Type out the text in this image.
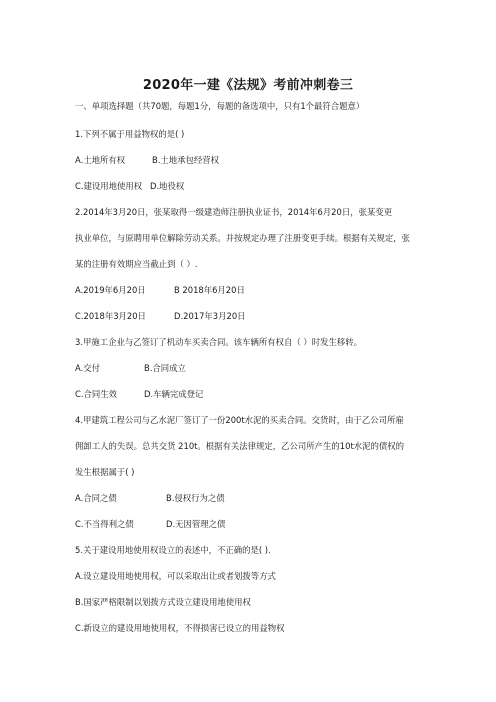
2020年一建《法规》考前冲刺卷三
一、单项选择题（共70题，每题1分，每题的备选项中，只有1个最符合题意）
1.下列不属于用益物权的是( )
A.土地所有权	B.土地承包经营权
C.建设用地使用权 D.地役权
2.2014年3月20日，张某取得一级建造师注册执业证书，2014年6月20日，张某变更
执业单位，与原聘用单位解除劳动关系。并按规定办理了注册变更手续。根据有关规定，张
某的注册有效期应当截止到（ ）.
A.2019年6月20日	B 2018年6月20日
C.2018年3月20日	D.2017年3月20日
3.甲施工企业与乙签订了机动车买卖合同。该车辆所有权自（ ）时发生移转。
A.交付	B.合同成立
C.合同生效	D.车辆完成登记
4.甲建筑工程公司与乙水泥厂签订了一份200t水泥的买卖合同。交货时，由于乙公司所雇
佣卸工人的失误。总共交货 210t。根据有关法律规定，乙公司所产生的10t水泥的债权的
发生根据属于( )
A.合同之债	B.侵权行为之债
C.不当得利之债	D.无因管理之债
5.关于建设用地使用权设立的表述中，不正确的是( ).
A.设立建设用地使用权，可以采取出让或者划拨等方式
B.国家严格限制以划拨方式设立建设用地使用权
C.新设立的建设用地使用权，不得损害已设立的用益物权
